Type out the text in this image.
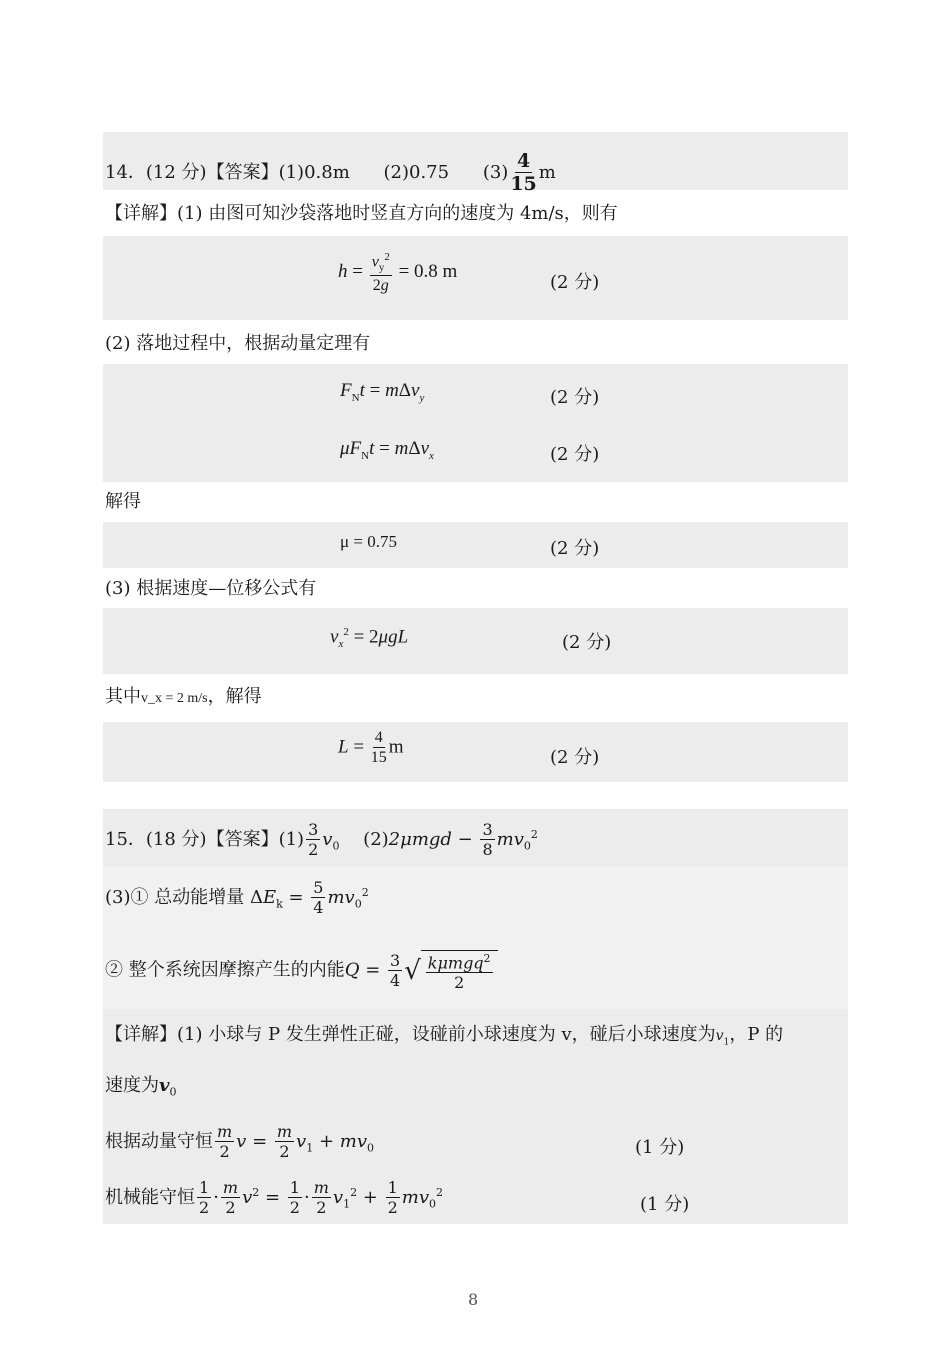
14．(12 分)【答案】(1)0.8m (2)0.75 $(3) \frac{4}{15}$ m
【详解】(1) 由图可知沙袋落地时竖直方向的速度为 4m/s，则有
$h = \frac{v_y^2}{2g} = 0.8$ m
(2 分)
(2) 落地过程中，根据动量定理有
$F_Nt = m\Delta v_y$	(2 分)
$\mu F_Nt = m\Delta v_x$	(2 分)
解得
μ = 0.75	(2 分)
(3) 根据速度—位移公式有
$v_x^2 = 2\mu gL$	(2 分)
其中v_x = 2 m/s，解得
$L = \frac{4}{15}$ m
(2 分)
15．(18 分)【答案】$(1) \frac{3}{2} v_0$ $(2)2\mu mgd - \frac{3}{8} mv_0^2$
(3)① 总动能增量 $\Delta E_k = \frac{5}{4} mv_0^2$
② 整个系统因摩擦产生的内能$Q = \frac{3}{4}$ √ $\frac{k\mu mgq^2}{2}$
【详解】(1) 小球与 P 发生弹性正碰，设碰前小球速度为 v，碰后小球速度为$v_1$，P 的
速度为$v_0$
根据动量守恒 $\frac{m}{2}$ $v = \frac{m}{2} v_1 + mv_0$	(1 分)
机械能守恒 $\frac{1}{2} \cdot \frac{m}{2} v^2 = \frac{1}{2} \cdot \frac{m}{2} v_1^2 + \frac{1}{2} mv_0^2$
(1 分)
8
